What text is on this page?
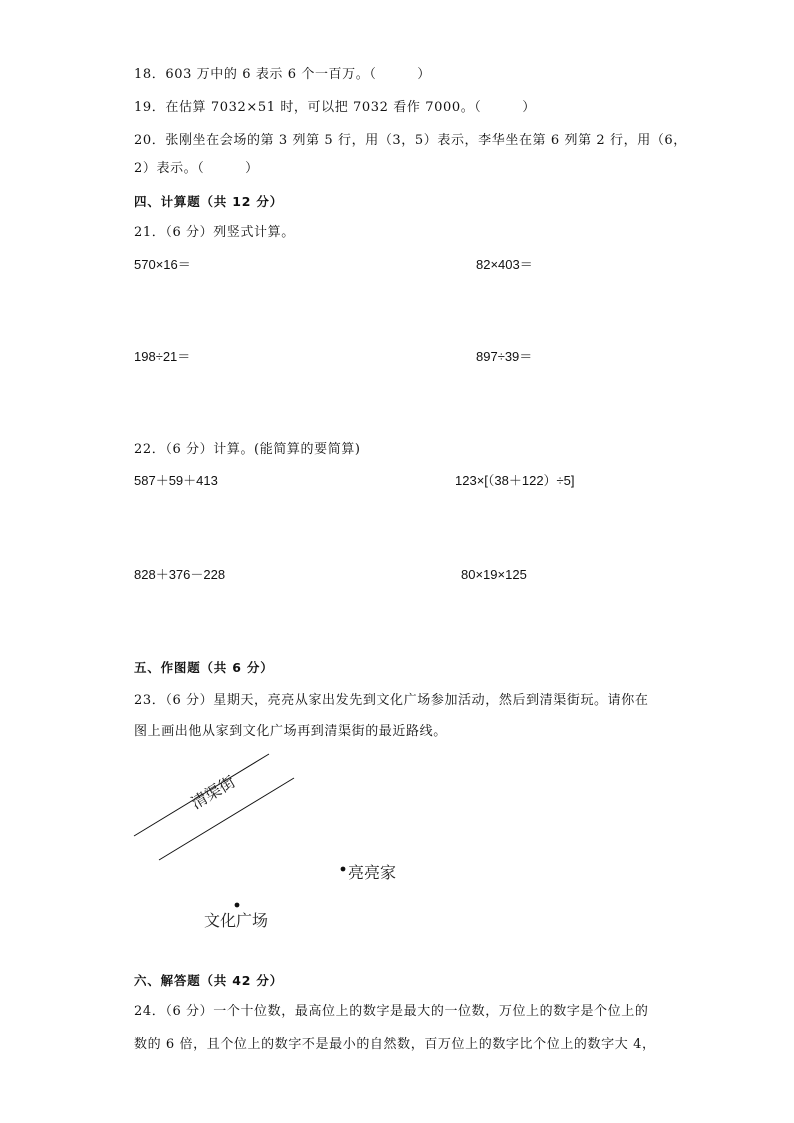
18．603 万中的 6 表示 6 个一百万。（　　　）
19．在估算 7032×51 时，可以把 7032 看作 7000。（　　　）
20．张刚坐在会场的第 3 列第 5 行，用（3，5）表示，李华坐在第 6 列第 2 行，用（6，
2）表示。（　　　）
四、计算题（共 12 分）
21．（6 分）列竖式计算。
570×16＝	82×403＝
198÷21＝	897÷39＝
22．（6 分）计算。(能简算的要简算)
587＋59＋413	123×[（38＋122）÷5]
828＋376－228	80×19×125
五、作图题（共 6 分）
23．（6 分）星期天，亮亮从家出发先到文化广场参加活动，然后到清渠街玩。请你在
图上画出他从家到文化广场再到清渠街的最近路线。
清渠街
亮亮家
文化广场
六、解答题（共 42 分）
24．（6 分）一个十位数，最高位上的数字是最大的一位数，万位上的数字是个位上的
数的 6 倍，且个位上的数字不是最小的自然数，百万位上的数字比个位上的数字大 4，
